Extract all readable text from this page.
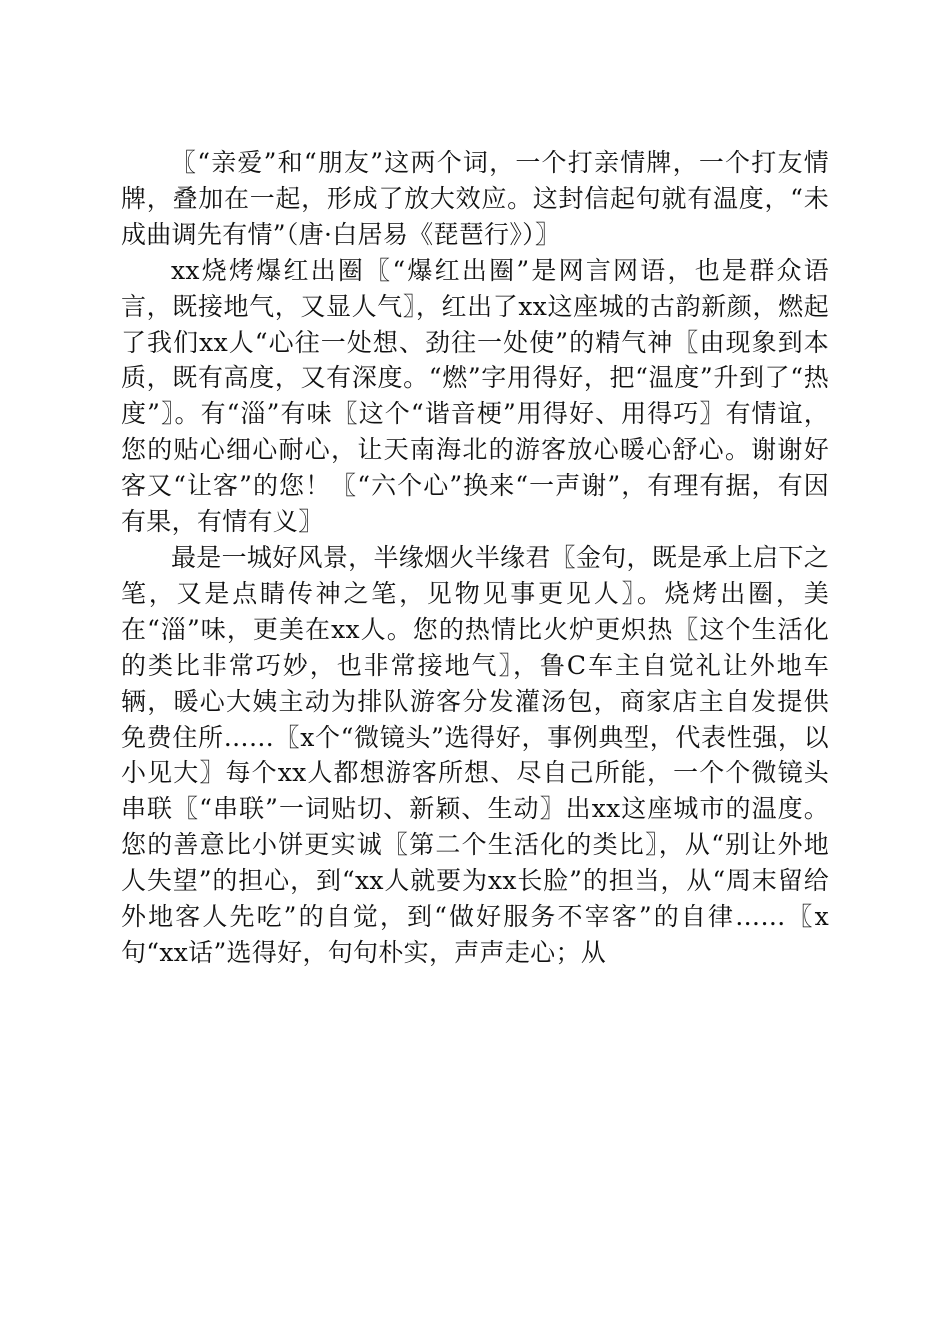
〖“亲爱”和“朋友”这两个词，一个打亲情牌，一个打友情牌，叠加在一起，形成了放大效应。这封信起句就有温度，“未成曲调先有情”（唐·白居易《琵琶行》）〗

xx烧烤爆红出圈〖“爆红出圈”是网言网语，也是群众语言，既接地气，又显人气〗，红出了xx这座城的古韵新颜，燃起了我们xx人“心往一处想、劲往一处使”的精气神〖由现象到本质，既有高度，又有深度。“燃”字用得好，把“温度”升到了“热度”〗。有“淄”有味〖这个“谐音梗”用得好、用得巧〗有情谊，您的贴心细心耐心，让天南海北的游客放心暖心舒心。谢谢好客又“让客”的您！〖“六个心”换来“一声谢”，有理有据，有因有果，有情有义〗

最是一城好风景，半缘烟火半缘君〖金句，既是承上启下之笔，又是点睛传神之笔，见物见事更见人〗。烧烤出圈，美在“淄”味，更美在xx人。您的热情比火炉更炽热〖这个生活化的类比非常巧妙，也非常接地气〗，鲁C车主自觉礼让外地车辆，暖心大姨主动为排队游客分发灌汤包，商家店主自发提供免费住所……〖x个“微镜头”选得好，事例典型，代表性强，以小见大〗每个xx人都想游客所想、尽自己所能，一个个微镜头串联〖“串联”一词贴切、新颖、生动〗出xx这座城市的温度。您的善意比小饼更实诚〖第二个生活化的类比〗，从“别让外地人失望”的担心，到“xx人就要为xx长脸”的担当，从“周末留给外地客人先吃”的自觉，到“做好服务不宰客”的自律……〖x句“xx话”选得好，句句朴实，声声走心；从
